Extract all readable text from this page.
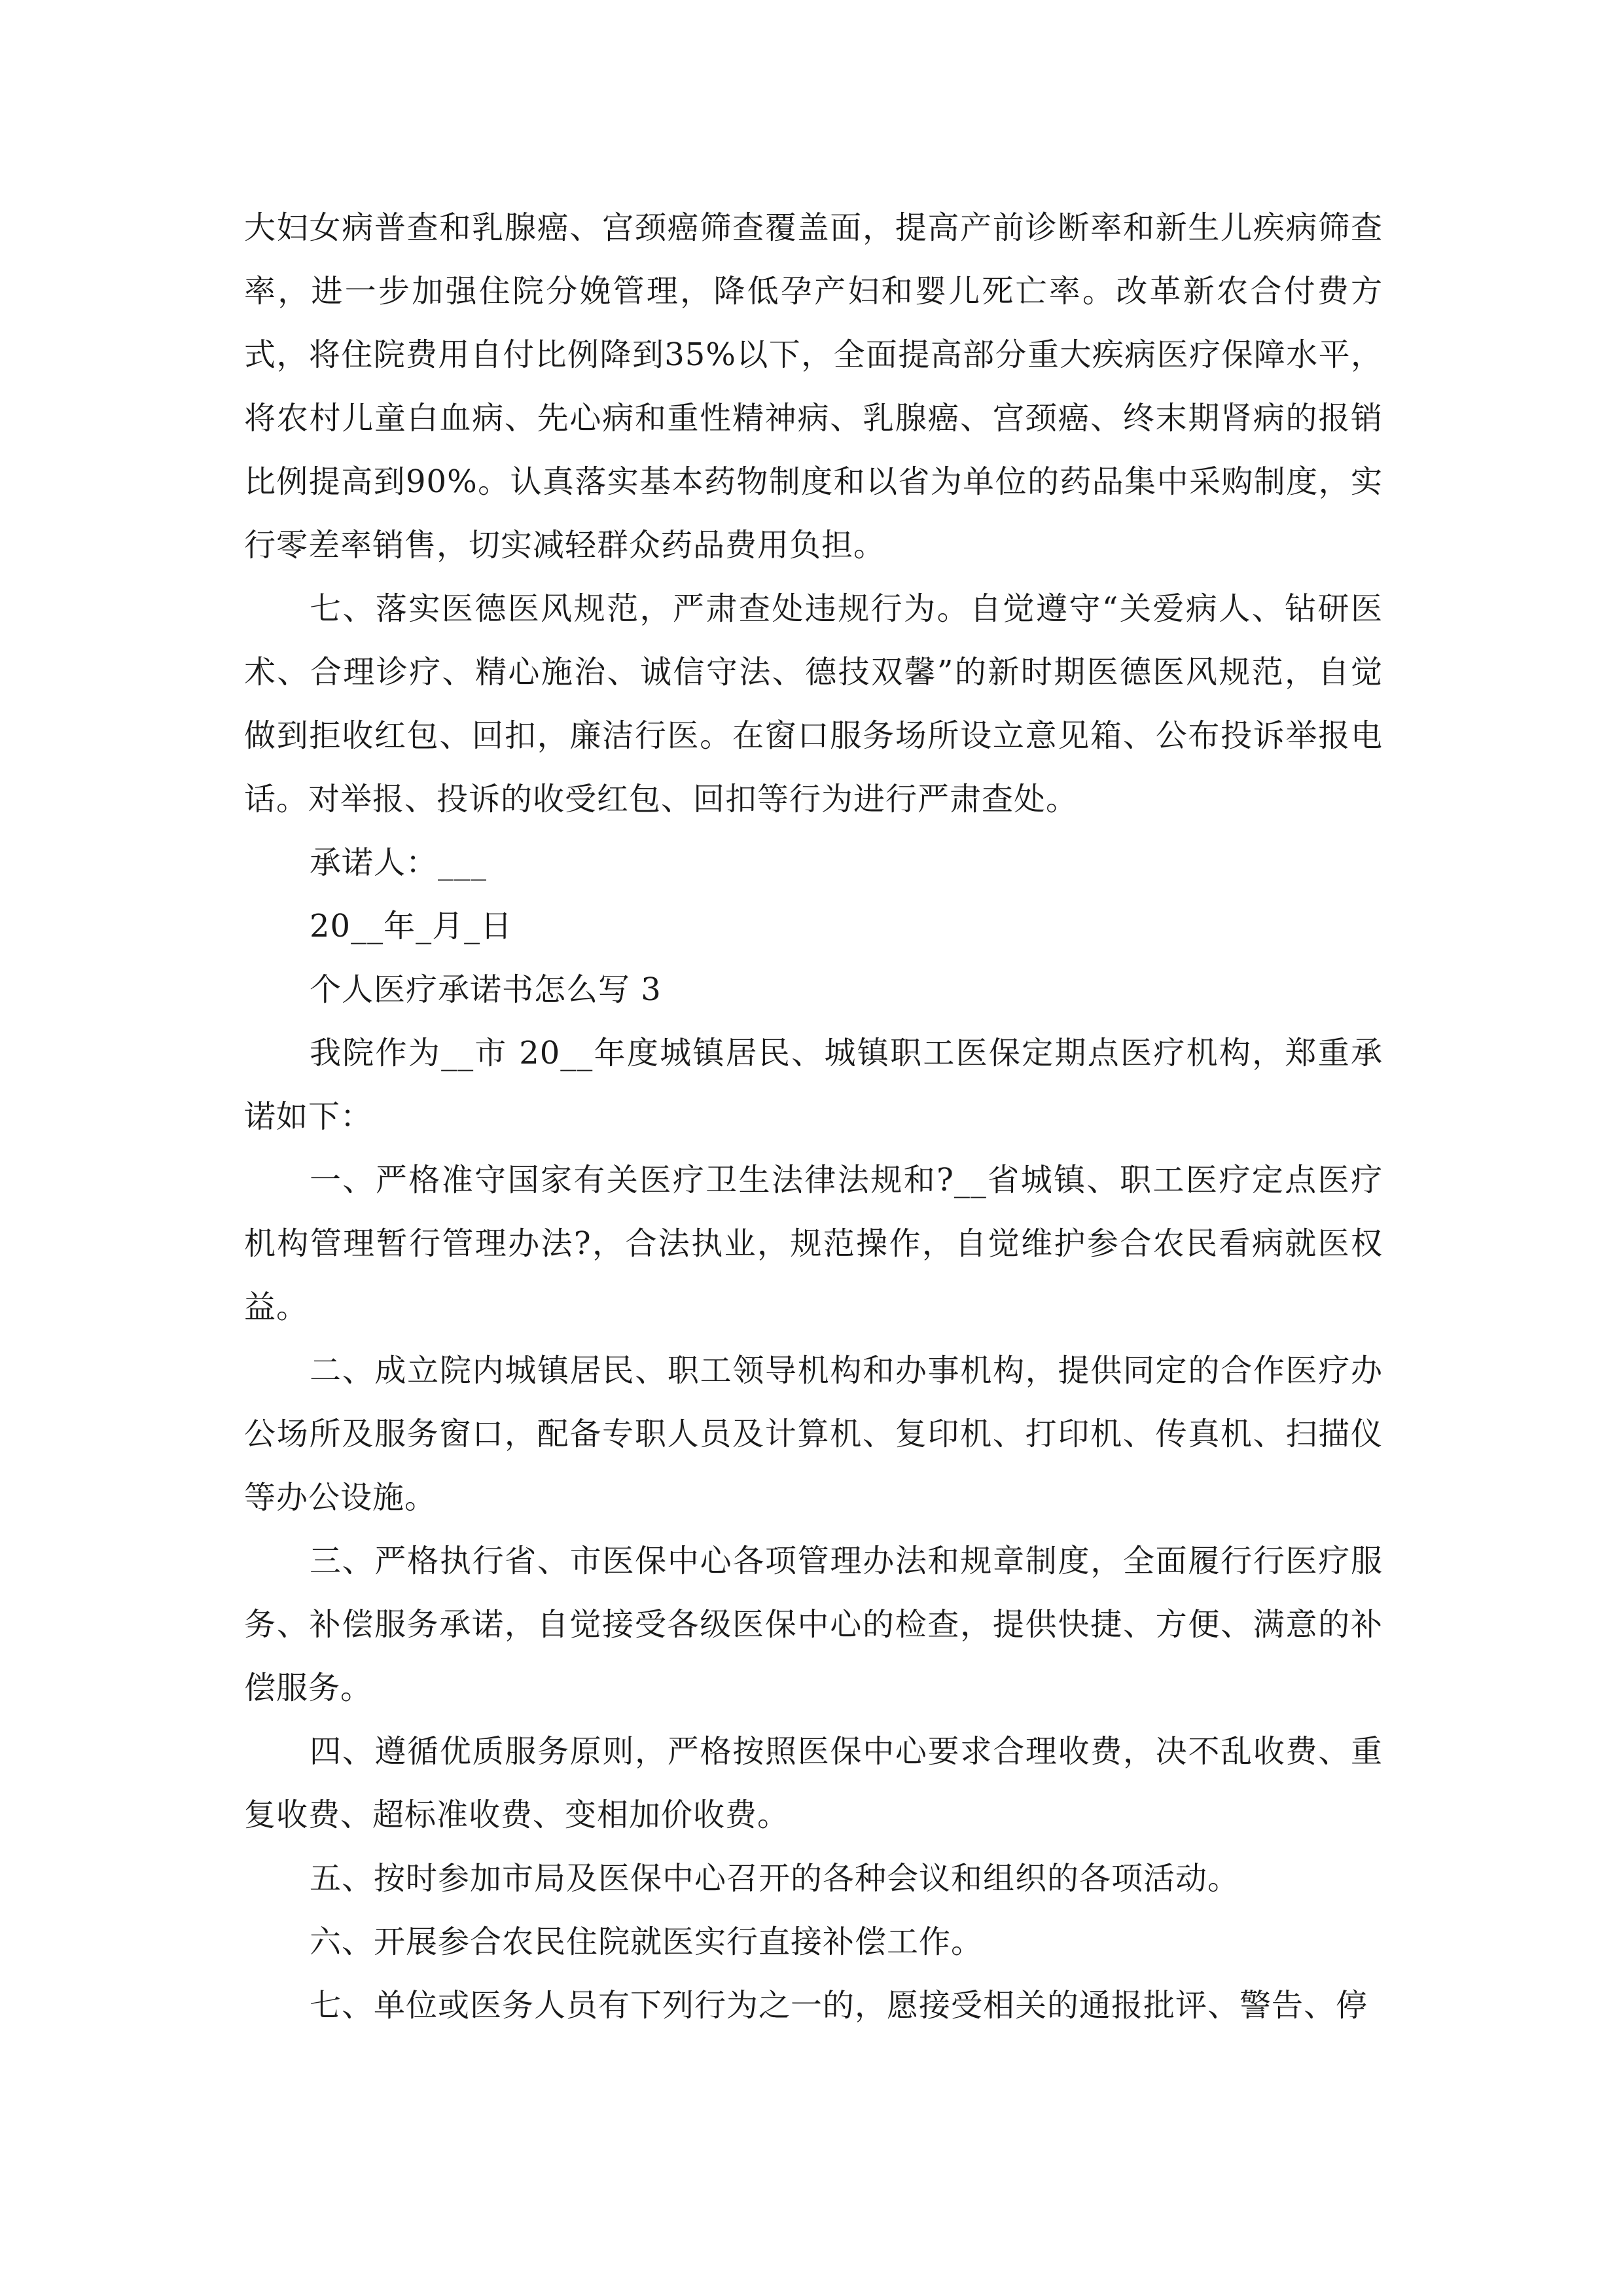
大妇女病普查和乳腺癌、宫颈癌筛查覆盖面，提高产前诊断率和新生儿疾病筛查率，进一步加强住院分娩管理，降低孕产妇和婴儿死亡率。改革新农合付费方式，将住院费用自付比例降到35%以下，全面提高部分重大疾病医疗保障水平，将农村儿童白血病、先心病和重性精神病、乳腺癌、宫颈癌、终末期肾病的报销比例提高到90%。认真落实基本药物制度和以省为单位的药品集中采购制度，实行零差率销售，切实减轻群众药品费用负担。

七、落实医德医风规范，严肃查处违规行为。自觉遵守“关爱病人、钻研医术、合理诊疗、精心施治、诚信守法、德技双馨”的新时期医德医风规范，自觉做到拒收红包、回扣，廉洁行医。在窗口服务场所设立意见箱、公布投诉举报电话。对举报、投诉的收受红包、回扣等行为进行严肃查处。

承诺人：___

20__年_月_日

个人医疗承诺书怎么写 3

我院作为__市 20__年度城镇居民、城镇职工医保定期点医疗机构，郑重承诺如下：

一、严格准守国家有关医疗卫生法律法规和?__省城镇、职工医疗定点医疗机构管理暂行管理办法?，合法执业，规范操作，自觉维护参合农民看病就医权益。

二、成立院内城镇居民、职工领导机构和办事机构，提供同定的合作医疗办公场所及服务窗口，配备专职人员及计算机、复印机、打印机、传真机、扫描仪等办公设施。

三、严格执行省、市医保中心各项管理办法和规章制度，全面履行行医疗服务、补偿服务承诺，自觉接受各级医保中心的检查，提供快捷、方便、满意的补偿服务。

四、遵循优质服务原则，严格按照医保中心要求合理收费，决不乱收费、重复收费、超标准收费、变相加价收费。

五、按时参加市局及医保中心召开的各种会议和组织的各项活动。

六、开展参合农民住院就医实行直接补偿工作。

七、单位或医务人员有下列行为之一的，愿接受相关的通报批评、警告、停
